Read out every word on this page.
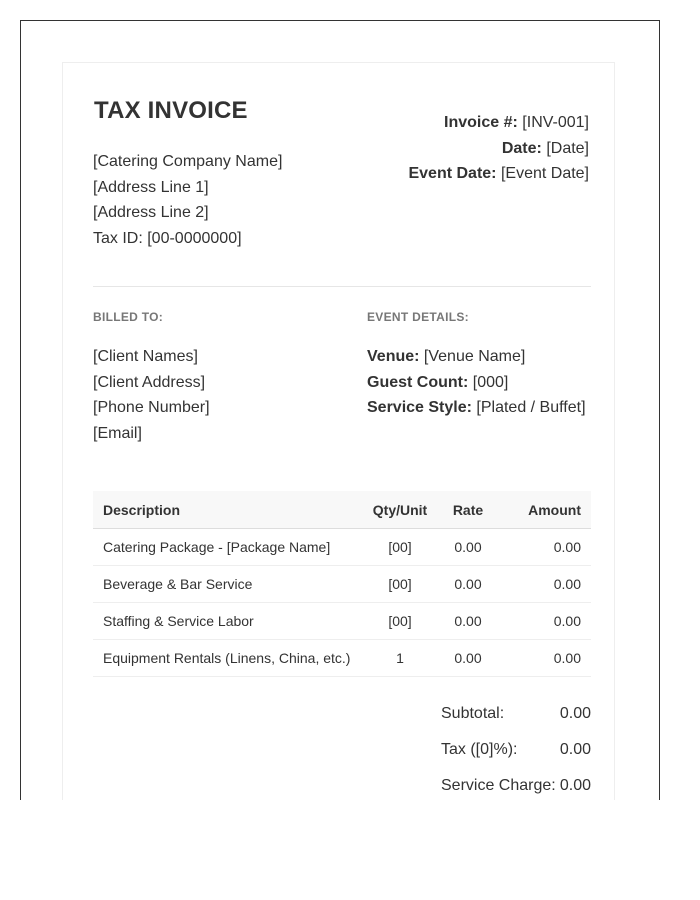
TAX INVOICE
[Catering Company Name]
[Address Line 1]
[Address Line 2]
Tax ID: [00-0000000]
Invoice #: [INV-001]
Date: [Date]
Event Date: [Event Date]
BILLED TO:	EVENT DETAILS:
[Client Names]
[Client Address]
[Phone Number]
[Email]
Venue: [Venue Name]
Guest Count: [000]
Service Style: [Plated / Buffet]
Description	Qty/Unit	Rate	Amount
Catering Package - [Package Name]	[00]	0.00	0.00
Beverage & Bar Service	[00]	0.00	0.00
Staffing & Service Labor	[00]	0.00	0.00
Equipment Rentals (Linens, China, etc.)	1	0.00	0.00
Subtotal:	0.00
Tax ([0]%):	0.00
Service Charge: 0.00
